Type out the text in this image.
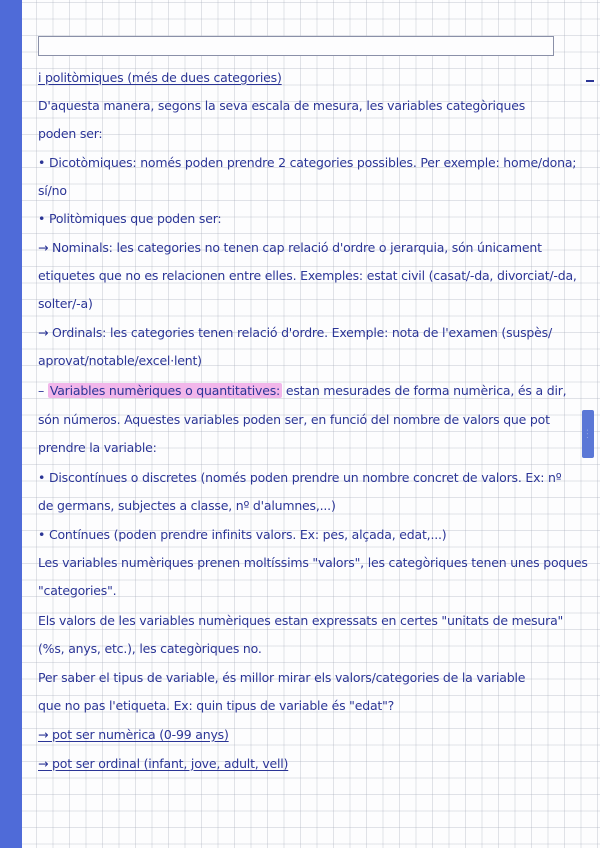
· · ·
i politòmiques (més de dues categories)
D'aquesta manera, segons la seva escala de mesura, les variables categòriques
poden ser:
• Dicotòmiques: només poden prendre 2 categories possibles. Per exemple: home/dona;
sí/no
• Politòmiques que poden ser:
→ Nominals: les categories no tenen cap relació d'ordre o jerarquia, són únicament
etiquetes que no es relacionen entre elles. Exemples: estat civil (casat/-da, divorciat/-da,
solter/-a)
→ Ordinals: les categories tenen relació d'ordre. Exemple: nota de l'examen (suspès/
aprovat/notable/excel·lent)
– Variables numèriques o quantitatives: estan mesurades de forma numèrica, és a dir,
són números. Aquestes variables poden ser, en funció del nombre de valors que pot
prendre la variable:
• Discontínues o discretes (només poden prendre un nombre concret de valors. Ex: nº
de germans, subjectes a classe, nº d'alumnes,...)
• Contínues (poden prendre infinits valors. Ex: pes, alçada, edat,...)
Les variables numèriques prenen moltíssims "valors", les categòriques tenen unes poques
"categories".
Els valors de les variables numèriques estan expressats en certes "unitats de mesura"
(%s, anys, etc.), les categòriques no.
Per saber el tipus de variable, és millor mirar els valors/categories de la variable
que no pas l'etiqueta. Ex: quin tipus de variable és "edat"?
→ pot ser numèrica (0-99 anys)
→ pot ser ordinal (infant, jove, adult, vell)
